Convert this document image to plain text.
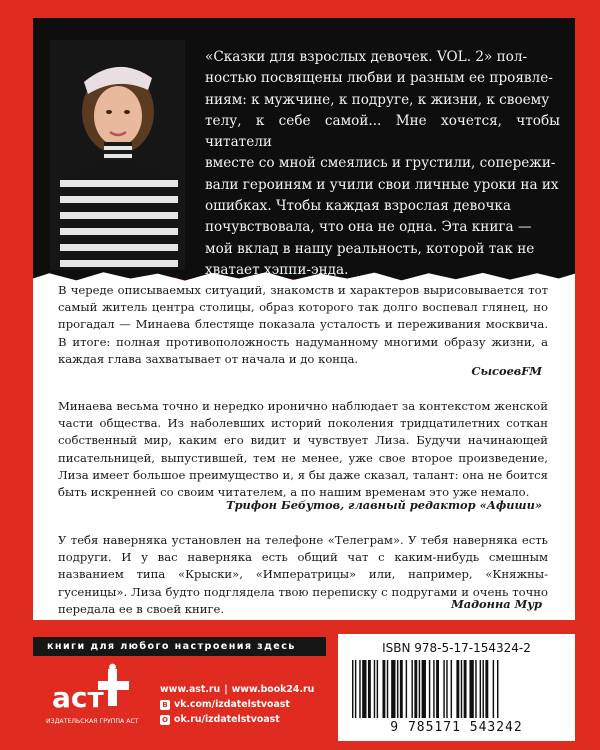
«Сказки для взрослых девочек. VOL. 2» пол-
ностью посвящены любви и разным ее проявле-
ниям: к мужчине, к подруге, к жизни, к своему
телу, к себе самой... Мне хочется, чтобы читатели
вместе со мной смеялись и грустили, сопережи-
вали героиням и учили свои личные уроки на их
ошибках. Чтобы каждая взрослая девочка
почувствовала, что она не одна. Эта книга —
мой вклад в нашу реальность, которой так не
хватает хэппи-энда.

В череде описываемых ситуаций, знакомств и характеров вырисовывается тот самый житель центра столицы, образ которого так долго воспевал глянец, но прогадал — Минаева блестяще показала усталость и переживания москвича. В итоге: полная противоположность надуманному многими образу жизни, а каждая глава захватывает от начала и до конца.

СысоевFM

Минаева весьма точно и нередко иронично наблюдает за контекстом женской части общества. Из наболевших историй поколения тридцатилетних соткан собственный мир, каким его видит и чувствует Лиза. Будучи начинающей писательницей, выпустившей, тем не менее, уже свое второе произведение, Лиза имеет большое преимущество и, я бы даже сказал, талант: она не боится быть искренней со своим читателем, а по нашим временам это уже немало.

Трифон Бебутов, главный редактор «Афиши»

У тебя наверняка установлен на телефоне «Телеграм». У тебя наверняка есть подруги. И у вас наверняка есть общий чат с каким-нибудь смешным названием типа «Крыски», «Императрицы» или, например, «Княжны-гусеницы». Лиза будто подглядела твою переписку с подругами и очень точно передала ее в своей книге.	Мадонна Мур
книги для любого настроения здесь
аст
ИЗДАТЕЛЬСКАЯ ГРУППА АСТ
www.ast.ru | www.book24.ru
В vk.com/izdatelstvoast
О ok.ru/izdatelstvoast
ISBN 978-5-17-154324-2
9 785171 543242
